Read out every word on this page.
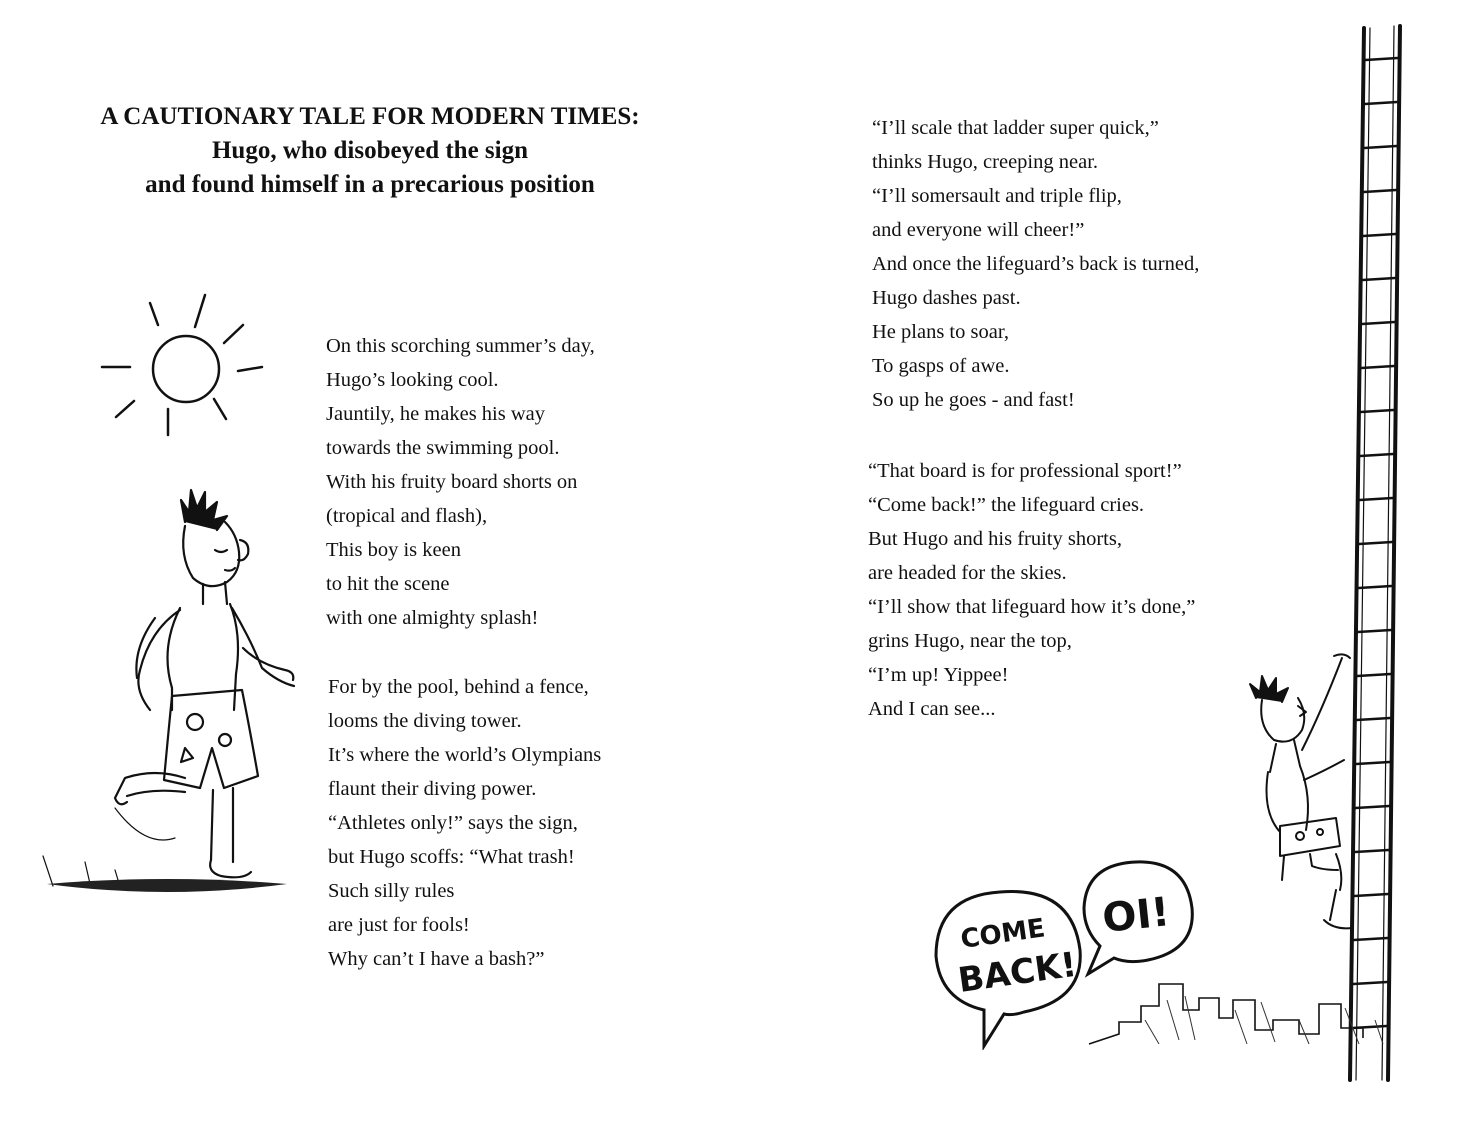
A CAUTIONARY TALE FOR MODERN TIMES:
Hugo, who disobeyed the sign
and found himself in a precarious position
On this scorching summer’s day,
Hugo’s looking cool.
Jauntily, he makes his way
towards the swimming pool.
With his fruity board shorts on
(tropical and flash),
This boy is keen
to hit the scene
with one almighty splash!
For by the pool, behind a fence,
looms the diving tower.
It’s where the world’s Olympians
flaunt their diving power.
“Athletes only!” says the sign,
but Hugo scoffs: “What trash!
Such silly rules
are just for fools!
Why can’t I have a bash?”
“I’ll scale that ladder super quick,”
thinks Hugo, creeping near.
“I’ll somersault and triple flip,
and everyone will cheer!”
And once the lifeguard’s back is turned,
Hugo dashes past.
He plans to soar,
To gasps of awe.
So up he goes - and fast!
“That board is for professional sport!”
“Come back!” the lifeguard cries.
But Hugo and his fruity shorts,
are headed for the skies.
“I’ll show that lifeguard how it’s done,”
grins Hugo, near the top,
“I’m up! Yippee!
And I can see...
COME
BACK!
OI!
